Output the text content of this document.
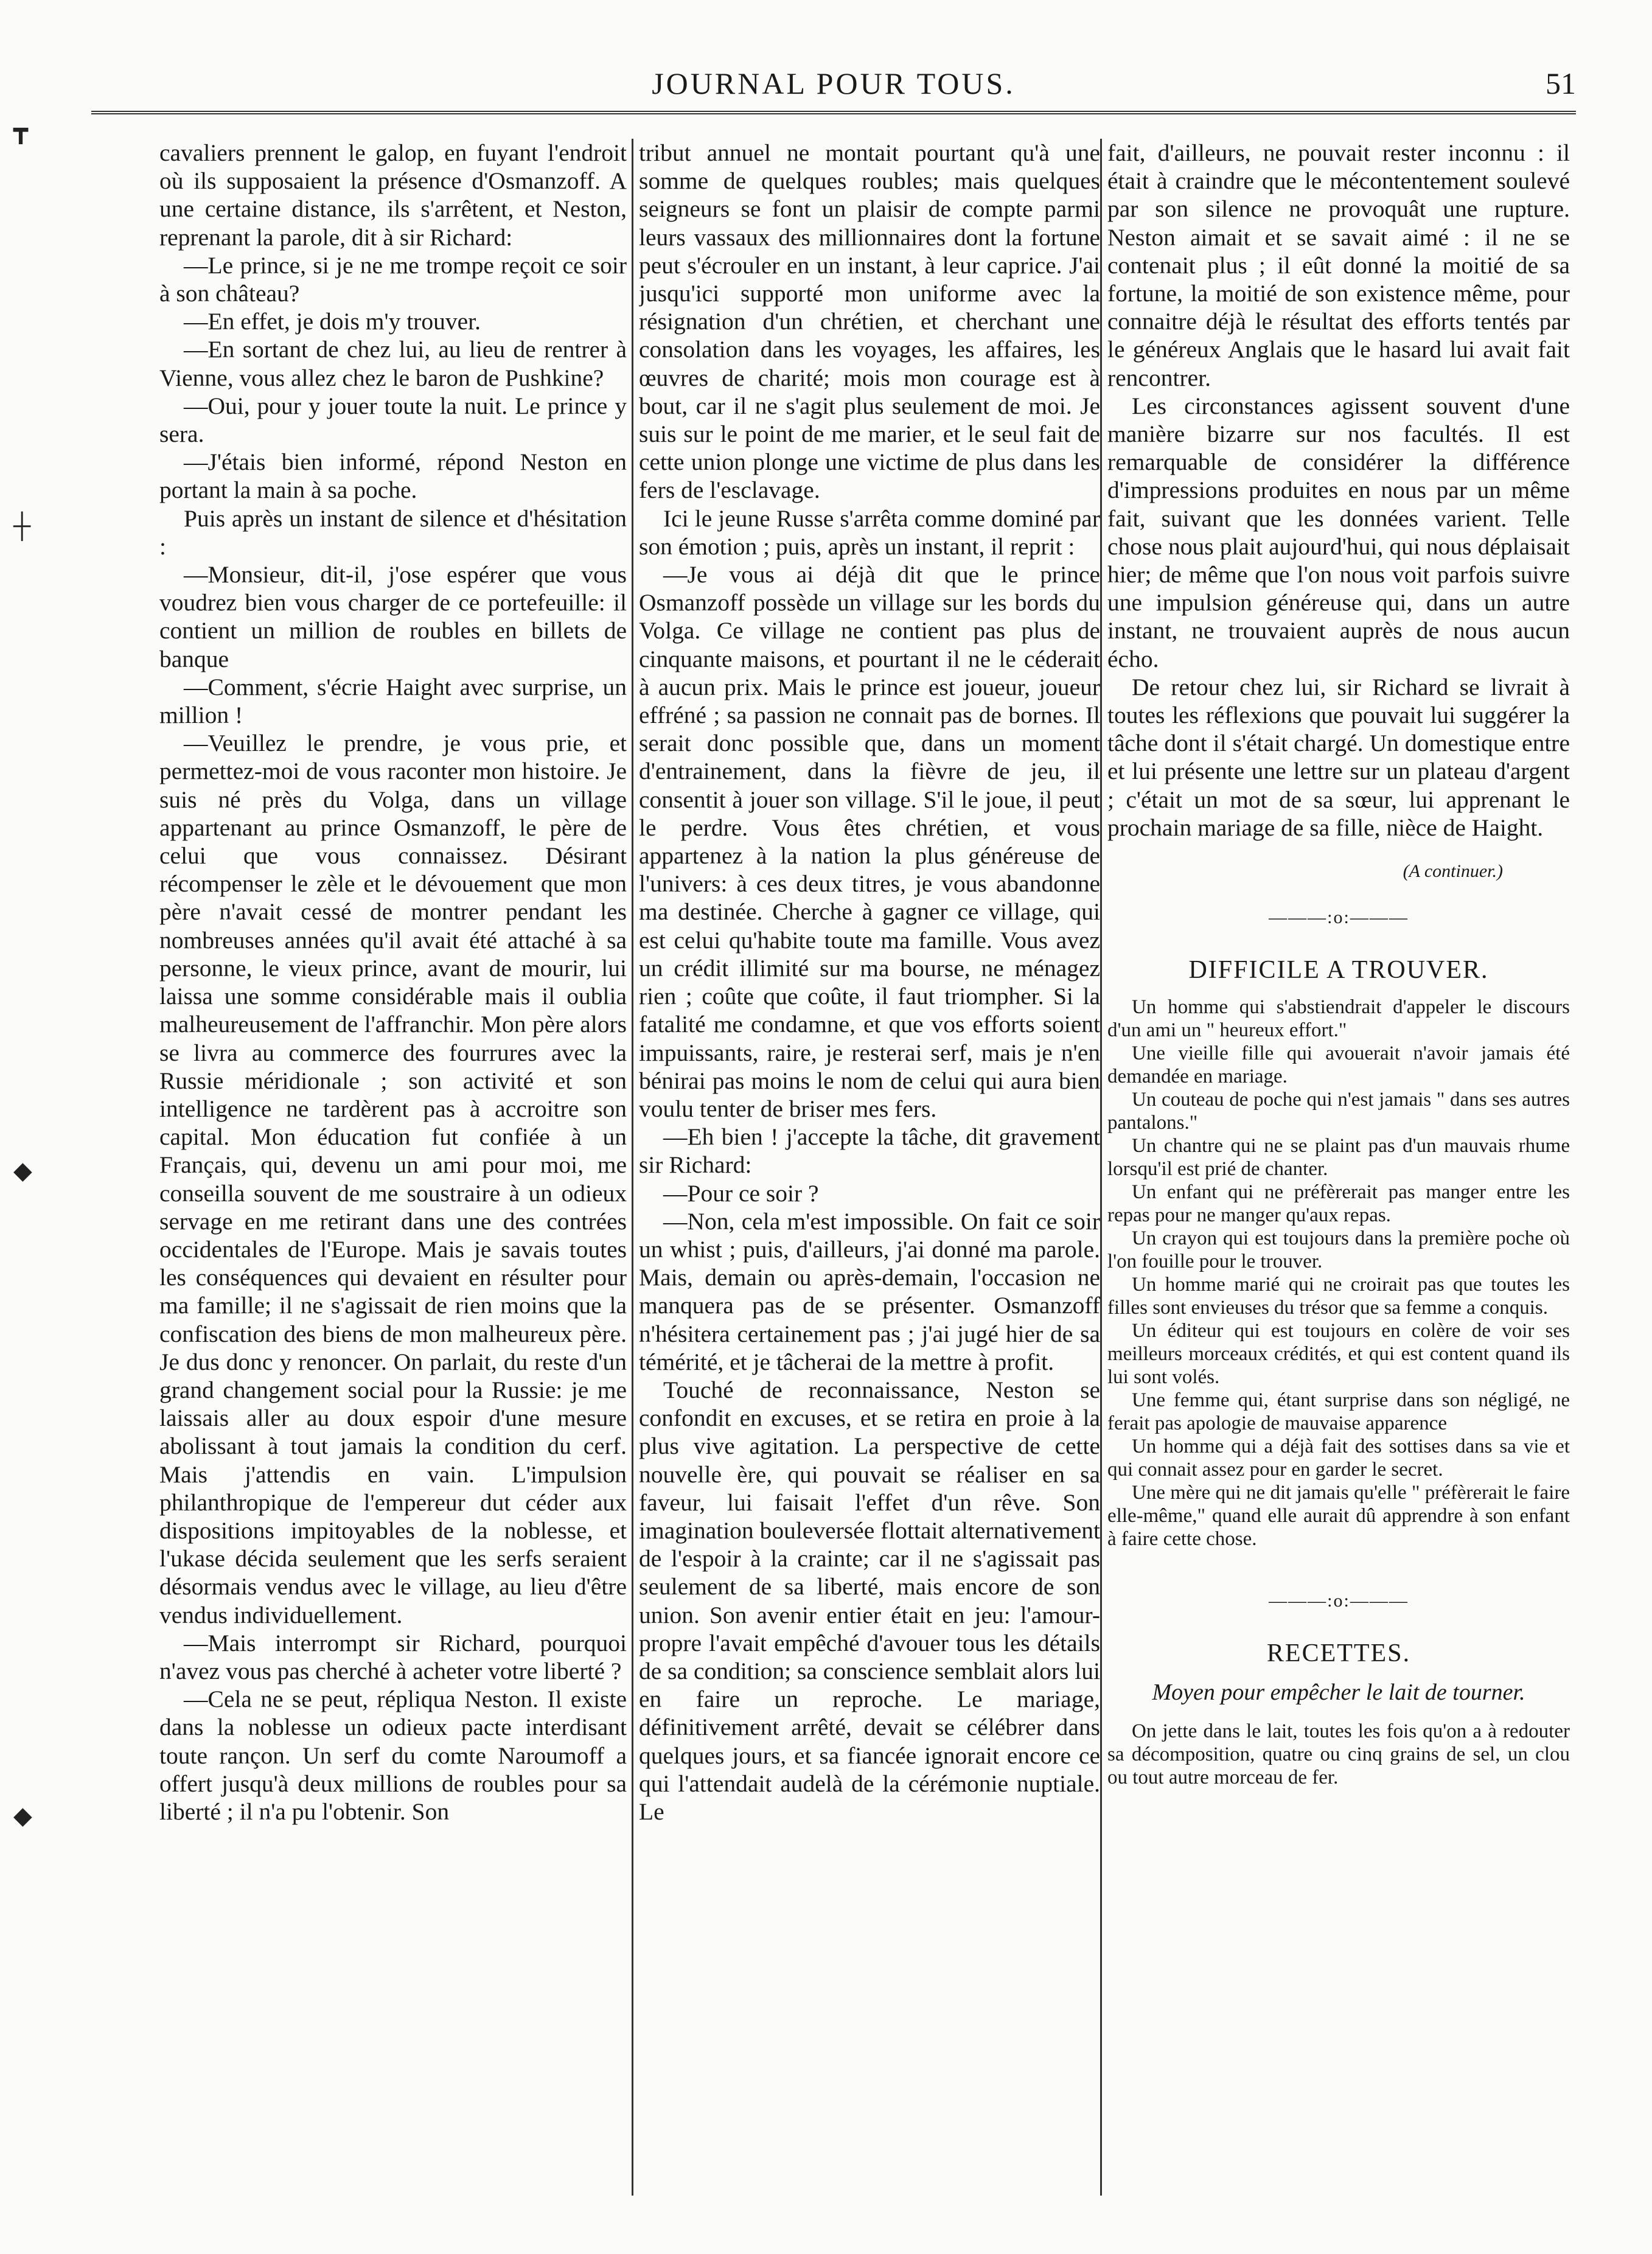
JOURNAL POUR TOUS.	51
┳
┼
◆
◆

cavaliers prennent le galop, en fuyant l'endroit où ils supposaient la présence d'Osmanzoff. A une certaine distance, ils s'arrêtent, et Neston, reprenant la parole, dit à sir Richard:

—Le prince, si je ne me trompe reçoit ce soir à son château?

—En effet, je dois m'y trouver.

—En sortant de chez lui, au lieu de rentrer à Vienne, vous allez chez le baron de Pushkine?

—Oui, pour y jouer toute la nuit. Le prince y sera.

—J'étais bien informé, répond Neston en portant la main à sa poche.

Puis après un instant de silence et d'hésitation :

—Monsieur, dit-il, j'ose espérer que vous voudrez bien vous charger de ce portefeuille: il contient un million de roubles en billets de banque

—Comment, s'écrie Haight avec surprise, un million !

—Veuillez le prendre, je vous prie, et permettez-moi de vous raconter mon histoire. Je suis né près du Volga, dans un village appartenant au prince Osmanzoff, le père de celui que vous connaissez. Désirant récompenser le zèle et le dévouement que mon père n'avait cessé de montrer pendant les nombreuses années qu'il avait été attaché à sa personne, le vieux prince, avant de mourir, lui laissa une somme considérable mais il oublia malheureusement de l'affranchir. Mon père alors se livra au commerce des fourrures avec la Russie méridionale ; son activité et son intelligence ne tardèrent pas à accroitre son capital. Mon éducation fut confiée à un Français, qui, devenu un ami pour moi, me conseilla souvent de me soustraire à un odieux servage en me retirant dans une des contrées occidentales de l'Europe. Mais je savais toutes les conséquences qui devaient en résulter pour ma famille; il ne s'agissait de rien moins que la confiscation des biens de mon malheureux père. Je dus donc y renoncer. On parlait, du reste d'un grand changement social pour la Russie: je me laissais aller au doux espoir d'une mesure abolissant à tout jamais la condition du cerf. Mais j'attendis en vain. L'impulsion philanthropique de l'empereur dut céder aux dispositions impitoyables de la noblesse, et l'ukase décida seulement que les serfs seraient désormais vendus avec le village, au lieu d'être vendus individuellement.

—Mais interrompt sir Richard, pourquoi n'avez vous pas cherché à acheter votre liberté ?

—Cela ne se peut, répliqua Neston. Il existe dans la noblesse un odieux pacte interdisant toute rançon. Un serf du comte Naroumoff a offert jusqu'à deux millions de roubles pour sa liberté ; il n'a pu l'obtenir. Son

tribut annuel ne montait pourtant qu'à une somme de quelques roubles; mais quelques seigneurs se font un plaisir de compte parmi leurs vassaux des millionnaires dont la fortune peut s'écrouler en un instant, à leur caprice. J'ai jusqu'ici supporté mon uniforme avec la résignation d'un chrétien, et cherchant une consolation dans les voyages, les affaires, les œuvres de charité; mois mon courage est à bout, car il ne s'agit plus seulement de moi. Je suis sur le point de me marier, et le seul fait de cette union plonge une victime de plus dans les fers de l'esclavage.

Ici le jeune Russe s'arrêta comme dominé par son émotion ; puis, après un instant, il reprit :

—Je vous ai déjà dit que le prince Osmanzoff possède un village sur les bords du Volga. Ce village ne contient pas plus de cinquante maisons, et pourtant il ne le céderait à aucun prix. Mais le prince est joueur, joueur effréné ; sa passion ne connait pas de bornes. Il serait donc possible que, dans un moment d'entrainement, dans la fièvre de jeu, il consentit à jouer son village. S'il le joue, il peut le perdre. Vous êtes chrétien, et vous appartenez à la nation la plus généreuse de l'univers: à ces deux titres, je vous abandonne ma destinée. Cherche à gagner ce village, qui est celui qu'habite toute ma famille. Vous avez un crédit illimité sur ma bourse, ne ménagez rien ; coûte que coûte, il faut triompher. Si la fatalité me condamne, et que vos efforts soient impuissants, raire, je resterai serf, mais je n'en bénirai pas moins le nom de celui qui aura bien voulu tenter de briser mes fers.

—Eh bien ! j'accepte la tâche, dit gravement sir Richard:

—Pour ce soir ?

—Non, cela m'est impossible. On fait ce soir un whist ; puis, d'ailleurs, j'ai donné ma parole. Mais, demain ou après-demain, l'occasion ne manquera pas de se présenter. Osmanzoff n'hésitera certainement pas ; j'ai jugé hier de sa témérité, et je tâcherai de la mettre à profit.

Touché de reconnaissance, Neston se confondit en excuses, et se retira en proie à la plus vive agitation. La perspective de cette nouvelle ère, qui pouvait se réaliser en sa faveur, lui faisait l'effet d'un rêve. Son imagination bouleversée flottait alternativement de l'espoir à la crainte; car il ne s'agissait pas seulement de sa liberté, mais encore de son union. Son avenir entier était en jeu: l'amour-propre l'avait empêché d'avouer tous les détails de sa condition; sa conscience semblait alors lui en faire un reproche. Le mariage, définitivement arrêté, devait se célébrer dans quelques jours, et sa fiancée ignorait encore ce qui l'attendait audelà de la cérémonie nuptiale. Le

fait, d'ailleurs, ne pouvait rester inconnu : il était à craindre que le mécontentement soulevé par son silence ne provoquât une rupture. Neston aimait et se savait aimé : il ne se contenait plus ; il eût donné la moitié de sa fortune, la moitié de son existence même, pour connaitre déjà le résultat des efforts tentés par le généreux Anglais que le hasard lui avait fait rencontrer.

Les circonstances agissent souvent d'une manière bizarre sur nos facultés. Il est remarquable de considérer la différence d'impressions produites en nous par un même fait, suivant que les données varient. Telle chose nous plait aujourd'hui, qui nous déplaisait hier; de même que l'on nous voit parfois suivre une impulsion généreuse qui, dans un autre instant, ne trouvaient auprès de nous aucun écho.

De retour chez lui, sir Richard se livrait à toutes les réflexions que pouvait lui suggérer la tâche dont il s'était chargé. Un domestique entre et lui présente une lettre sur un plateau d'argent ; c'était un mot de sa sœur, lui apprenant le prochain mariage de sa fille, nièce de Haight.

(A continuer.)
———:o:———
DIFFICILE A TROUVER.

Un homme qui s'abstiendrait d'appeler le discours d'un ami un " heureux effort."

Une vieille fille qui avouerait n'avoir jamais été demandée en mariage.

Un couteau de poche qui n'est jamais " dans ses autres pantalons."

Un chantre qui ne se plaint pas d'un mauvais rhume lorsqu'il est prié de chanter.

Un enfant qui ne préfèrerait pas manger entre les repas pour ne manger qu'aux repas.

Un crayon qui est toujours dans la première poche où l'on fouille pour le trouver.

Un homme marié qui ne croirait pas que toutes les filles sont envieuses du trésor que sa femme a conquis.

Un éditeur qui est toujours en colère de voir ses meilleurs morceaux crédités, et qui est content quand ils lui sont volés.

Une femme qui, étant surprise dans son négligé, ne ferait pas apologie de mauvaise apparence

Un homme qui a déjà fait des sottises dans sa vie et qui connait assez pour en garder le secret.

Une mère qui ne dit jamais qu'elle " préfèrerait le faire elle-même," quand elle aurait dû apprendre à son enfant à faire cette chose.

———:o:———
RECETTES.
Moyen pour empêcher le lait de tourner.

On jette dans le lait, toutes les fois qu'on a à redouter sa décomposition, quatre ou cinq grains de sel, un clou ou tout autre morceau de fer.
